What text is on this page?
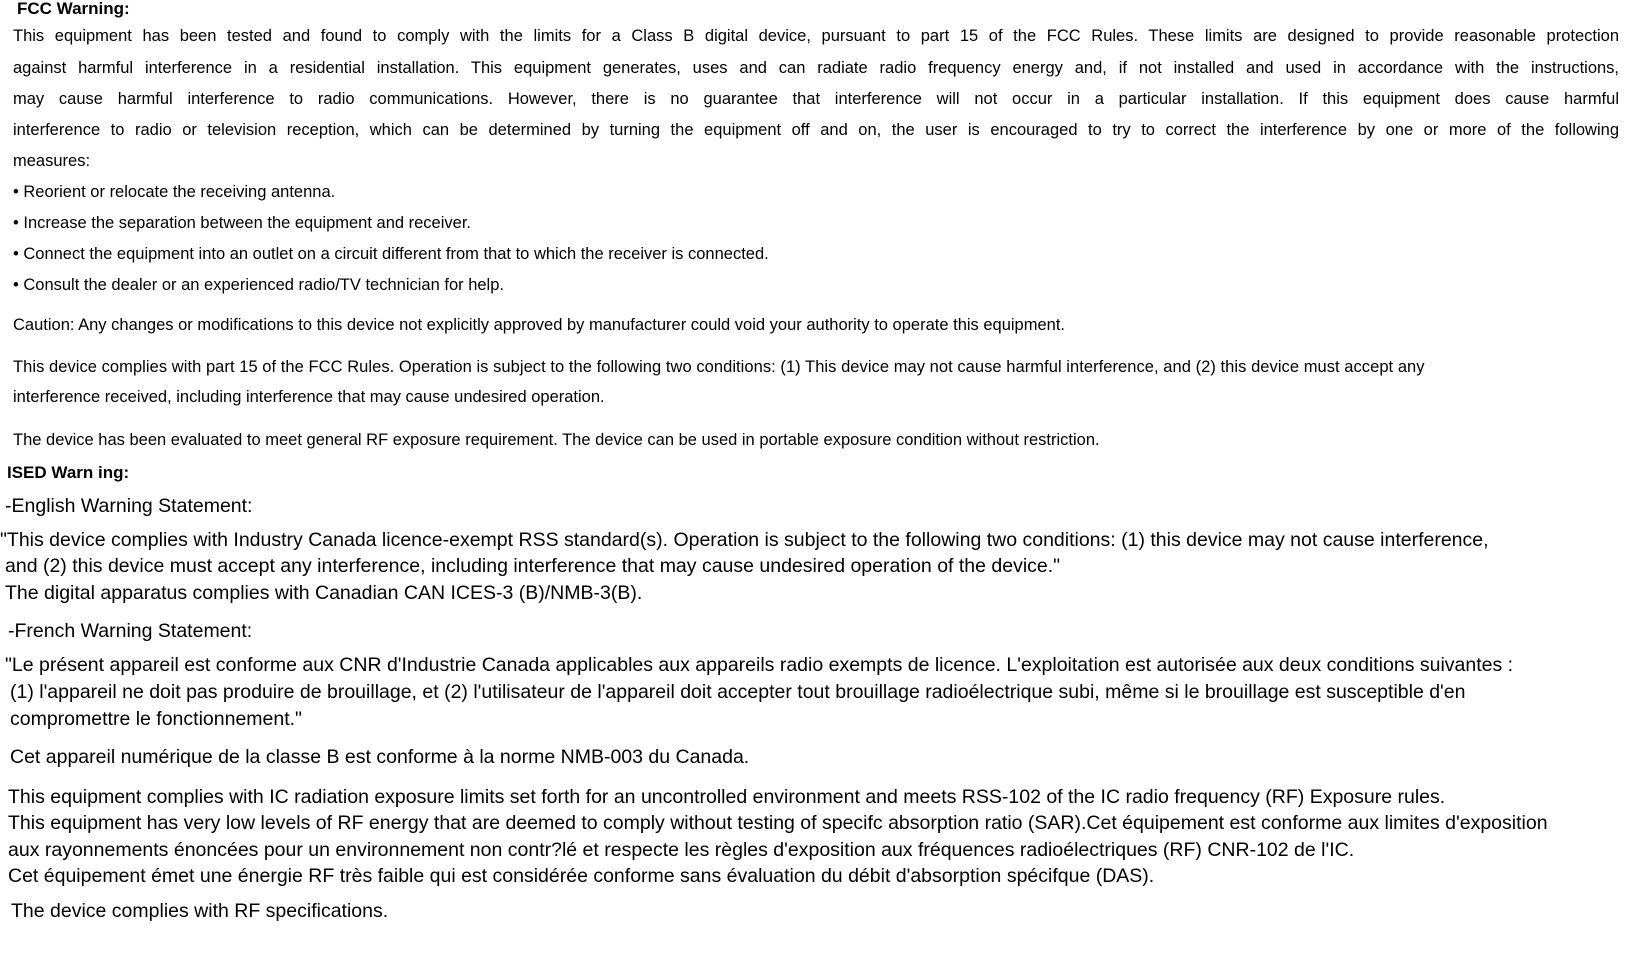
FCC Warning:
This equipment has been tested and found to comply with the limits for a Class B digital device, pursuant to part 15 of the FCC Rules. These limits are designed to provide reasonable protection
against harmful interference in a residential installation. This equipment generates, uses and can radiate radio frequency energy and, if not installed and used in accordance with the instructions,
may cause harmful interference to radio communications. However, there is no guarantee that interference will not occur in a particular installation. If this equipment does cause harmful
interference to radio or television reception, which can be determined by turning the equipment off and on, the user is encouraged to try to correct the interference by one or more of the following
measures:
• Reorient or relocate the receiving antenna.
• Increase the separation between the equipment and receiver.
• Connect the equipment into an outlet on a circuit different from that to which the receiver is connected.
• Consult the dealer or an experienced radio/TV technician for help.
Caution: Any changes or modifications to this device not explicitly approved by manufacturer could void your authority to operate this equipment.
This device complies with part 15 of the FCC Rules. Operation is subject to the following two conditions: (1) This device may not cause harmful interference, and (2) this device must accept any
interference received, including interference that may cause undesired operation.
The device has been evaluated to meet general RF exposure requirement. The device can be used in portable exposure condition without restriction.
ISED Warn ing:
-English Warning Statement:
"This device complies with Industry Canada licence-exempt RSS standard(s). Operation is subject to the following two conditions: (1) this device may not cause interference,
and (2) this device must accept any interference, including interference that may cause undesired operation of the device."
The digital apparatus complies with Canadian CAN ICES-3 (B)/NMB-3(B).
-French Warning Statement:
"Le présent appareil est conforme aux CNR d'Industrie Canada applicables aux appareils radio exempts de licence. L'exploitation est autorisée aux deux conditions suivantes :
(1) l'appareil ne doit pas produire de brouillage, et (2) l'utilisateur de l'appareil doit accepter tout brouillage radioélectrique subi, même si le brouillage est susceptible d'en
compromettre le fonctionnement."
Cet appareil numérique de la classe B est conforme à la norme NMB-003 du Canada.
This equipment complies with IC radiation exposure limits set forth for an uncontrolled environment and meets RSS-102 of the IC radio frequency (RF) Exposure rules.
This equipment has very low levels of RF energy that are deemed to comply without testing of specifc absorption ratio (SAR).Cet équipement est conforme aux limites d'exposition
aux rayonnements énoncées pour un environnement non contr?lé et respecte les règles d'exposition aux fréquences radioélectriques (RF) CNR-102 de l'IC.
Cet équipement émet une énergie RF très faible qui est considérée conforme sans évaluation du débit d'absorption spécifque (DAS).
The device complies with RF specifications.
